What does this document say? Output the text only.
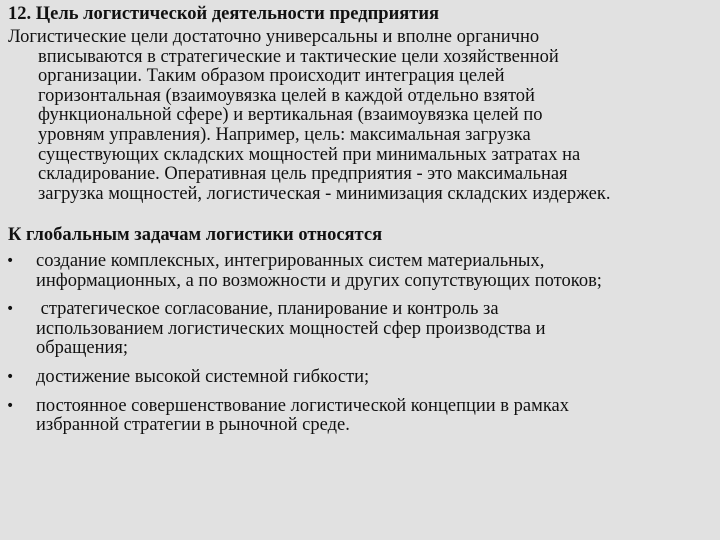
12. Цель логистической деятельности предприятия
Логистические цели достаточно универсальны и вполне органично
вписываются в стратегические и тактические цели хозяйственной
организации. Таким образом происходит интеграция целей
горизонтальная (взаимоувязка целей в каждой отдельно взятой
функциональной сфере) и вертикальная (взаимоувязка целей по
уровням управления). Например, цель: максимальная загрузка
существующих складских мощностей при минимальных затратах на
складирование. Оперативная цель предприятия - это максимальная
загрузка мощностей, логистическая - минимизация складских издержек.
К глобальным задачам логистики относятся
• создание комплексных, интегрированных систем материальных,
информационных, а по возможности и других сопутствующих потоков;
• стратегическое согласование, планирование и контроль за
использованием логистических мощностей сфер производства и
обращения;
• достижение высокой системной гибкости;
• постоянное совершенствование логистической концепции в рамках
избранной стратегии в рыночной среде.
